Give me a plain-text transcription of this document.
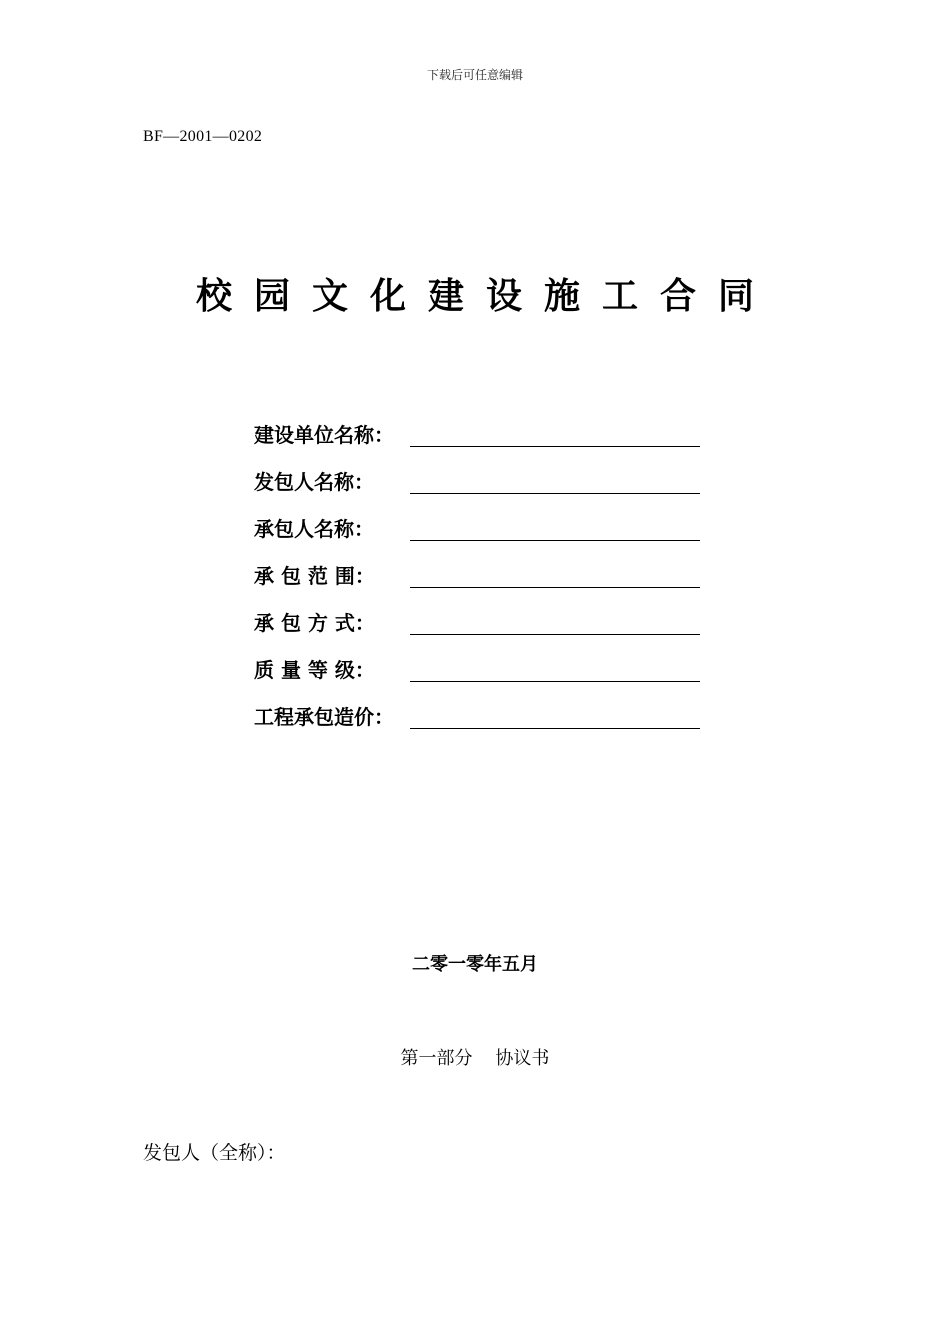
下载后可任意编辑
BF—2001—0202
校园文化建设施工合同
建设单位名称：
发包人名称：
承包人名称：
承 包 范 围：
承 包 方 式：
质 量 等 级：
工程承包造价：
二零一零年五月
第一部分    协议书
发包人（全称）：
